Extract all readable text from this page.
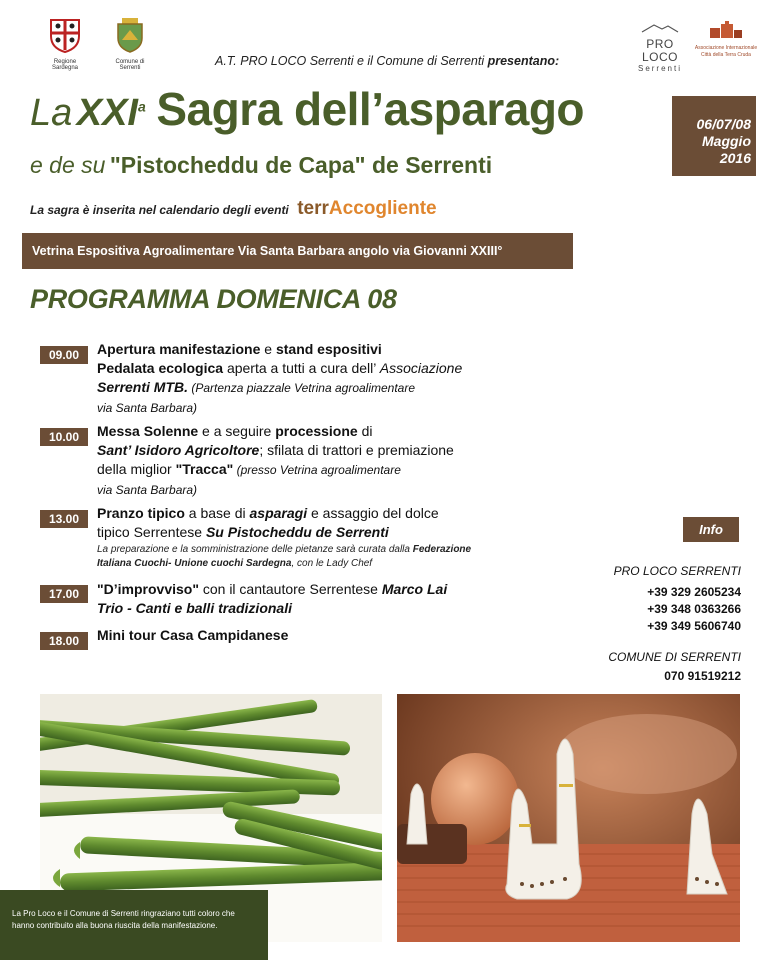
Regione Sardegna
Comune di Serrenti
PRO LOCO
Serrenti
Associazione Internazionale
Città della Terra Cruda
A.T. PRO LOCO Serrenti e il Comune di Serrenti presentano:
La XXI$^a$ Sagra dell’asparago
e de su "Pistocheddu de Capa" de Serrenti
La sagra è inserita nel calendario degli eventi terrAccogliente
06/07/08
Maggio
2016
Vetrina Espositiva Agroalimentare Via Santa Barbara angolo via Giovanni XXIII°
PROGRAMMA DOMENICA 08
09.00	Apertura manifestazione e stand espositivi
Pedalata ecologica aperta a tutti a cura dell’ Associazione
Serrenti MTB. (Partenza piazzale Vetrina agroalimentare
via Santa Barbara)
10.00	Messa Solenne e a seguire processione di
Sant’ Isidoro Agricoltore; sfilata di trattori e premiazione
della miglior "Tracca" (presso Vetrina agroalimentare
via Santa Barbara)
13.00	Pranzo tipico a base di asparagi e assaggio del dolce
tipico Serrentese Su Pistocheddu de Serrenti
La preparazione e la somministrazione delle pietanze sarà curata dalla Federazione
Italiana Cuochi- Unione cuochi Sardegna, con le Lady Chef
17.00	"D’improvviso" con il cantautore Serrentese Marco Lai
Trio - Canti e balli tradizionali
18.00	Mini tour Casa Campidanese
Info
PRO LOCO SERRENTI
+39 329 2605234
+39 348 0363266
+39 349 5606740
COMUNE DI SERRENTI
070 91519212
La Pro Loco e il Comune di Serrenti ringraziano tutti coloro che hanno contribuito alla buona riuscita della manifestazione.
